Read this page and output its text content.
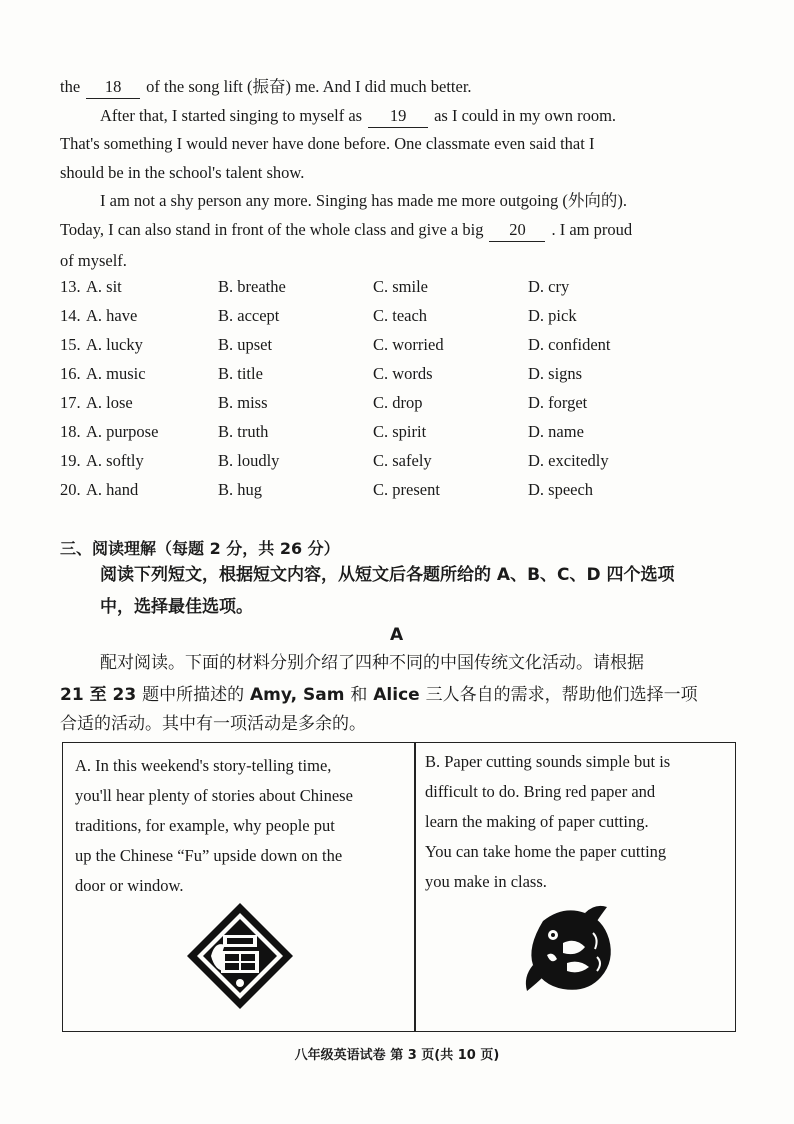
the 18 of the song lift (振奋) me. And I did much better.
After that, I started singing to myself as 19 as I could in my own room.
That's something I would never have done before. One classmate even said that I
should be in the school's talent show.
I am not a shy person any more. Singing has made me more outgoing (外向的).
Today, I can also stand in front of the whole class and give a big 20 . I am proud
of myself.
13. A. sit	B. breathe	C. smile	D. cry
14. A. have	B. accept	C. teach	D. pick
15. A. lucky	B. upset	C. worried	D. confident
16. A. music	B. title	C. words	D. signs
17. A. lose	B. miss	C. drop	D. forget
18. A. purpose	B. truth	C. spirit	D. name
19. A. softly	B. loudly	C. safely	D. excitedly
20. A. hand	B. hug	C. present	D. speech
三、阅读理解（每题 2 分，共 26 分）
阅读下列短文，根据短文内容，从短文后各题所给的 A、B、C、D 四个选项
中，选择最佳选项。
A
配对阅读。下面的材料分别介绍了四种不同的中国传统文化活动。请根据
21 至 23 题中所描述的 Amy, Sam 和 Alice 三人各自的需求，帮助他们选择一项
合适的活动。其中有一项活动是多余的。
A. In this weekend's story-telling time,
you'll hear plenty of stories about Chinese
traditions, for example, why people put
up the Chinese “Fu” upside down on the
door or window.
B. Paper cutting sounds simple but is
difficult to do. Bring red paper and
learn the making of paper cutting.
You can take home the paper cutting
you make in class.
八年级英语试卷 第 3 页(共 10 页)
